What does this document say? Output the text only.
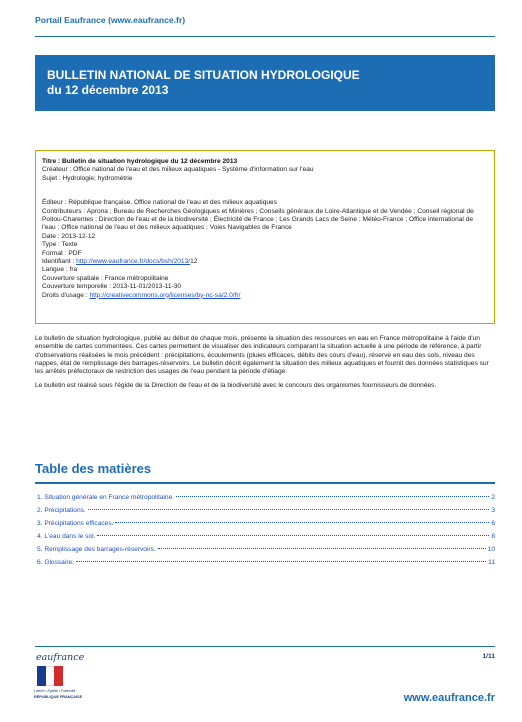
Portail Eaufrance (www.eaufrance.fr)
BULLETIN NATIONAL DE SITUATION HYDROLOGIQUE
du 12 décembre 2013
Titre : Bulletin de situation hydrologique du 12 décembre 2013
Créateur : Office national de l'eau et des milieux aquatiques - Système d'information sur l'eau
Sujet : Hydrologie; hydrométrie
Éditeur : République française. Office national de l'eau et des milieux aquatiques
Contributeurs : Aprona ; Bureau de Recherches Géologiques et Minières ; Conseils généraux de Loire-Atlantique et de Vendée ; Conseil régional de Poitou-Charentes ; Direction de l'eau et de la biodiversité ; Électricité de France ; Les Grands Lacs de Seine ; Météo-France ; Office international de l'eau ; Office national de l'eau et des milieux aquatiques ; Voies Navigables de France
Date : 2013-12-12
Type : Texte
Format : PDF
Identifiant : http://www.eaufrance.fr/docs/bsh/2013/12
Langue : fra
Couverture spatiale : France métropolitaine
Couverture temporelle : 2013-11-01/2013-11-30
Droits d'usage : http://creativecommons.org/licenses/by-nc-sa/2.0/fr/

Le bulletin de situation hydrologique, publié au début de chaque mois, présente la situation des ressources en eau en France métropolitaine à l'aide d'un ensemble de cartes commentées. Ces cartes permettent de visualiser des indicateurs comparant la situation actuelle à une période de référence, à partir d'observations réalisées le mois précédent : précipitations, écoulements (pluies efficaces, débits des cours d'eau), réserve en eau des sols, niveau des nappes, état de remplissage des barrages-réservoirs. Le bulletin décrit également la situation des milieux aquatiques et fournit des données statistiques sur les arrêtés préfectoraux de restriction des usages de l'eau pendant la période d'étiage.

Le bulletin est réalisé sous l'égide de la Direction de l'eau et de la biodiversité avec le concours des organismes fournisseurs de données.

Table des matières
1. Situation générale en France métropolitaine.	2
2. Précipitations.	3
3. Précipitations efficaces.	6
4. L'eau dans le sol.	8
5. Remplissage des barrages-réservoirs.	10
6. Glossaire.	11
eaufrance
Liberté • Égalité • Fraternité
RÉPUBLIQUE FRANÇAISE
1/11
www.eaufrance.fr
